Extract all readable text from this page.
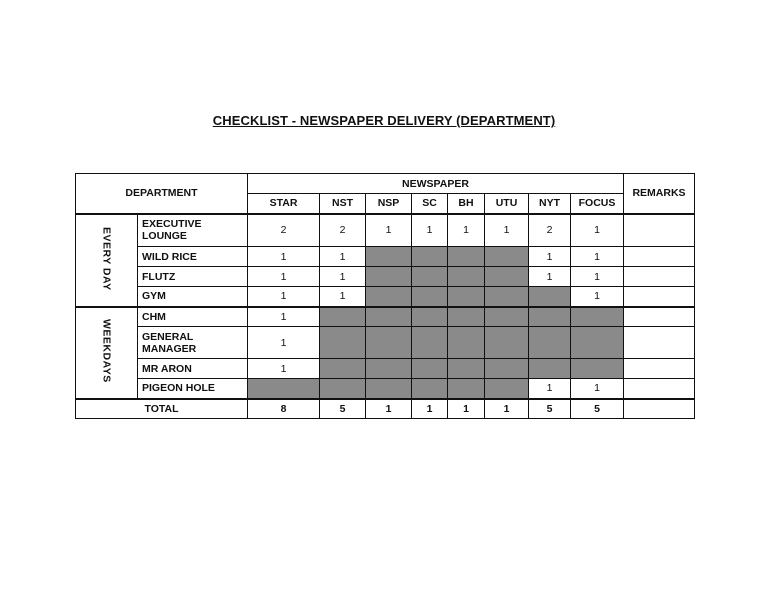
CHECKLIST - NEWSPAPER DELIVERY (DEPARTMENT)
DEPARTMENT		NEWSPAPER								REMARKS
		STAR	NST	NSP	SC	BH	UTU	NYT	FOCUS	
EVERY DAY	EXECUTIVE LOUNGE	2	2	1	1	1	1	2	1	
	WILD RICE	1	1					1	1	
	FLUTZ	1	1					1	1	
	GYM	1	1						1	
WEEKDAYS	CHM	1								
	GENERAL MANAGER	1								
	MR ARON	1								
	PIGEON HOLE							1	1	
TOTAL		8	5	1	1	1	1	5	5	
